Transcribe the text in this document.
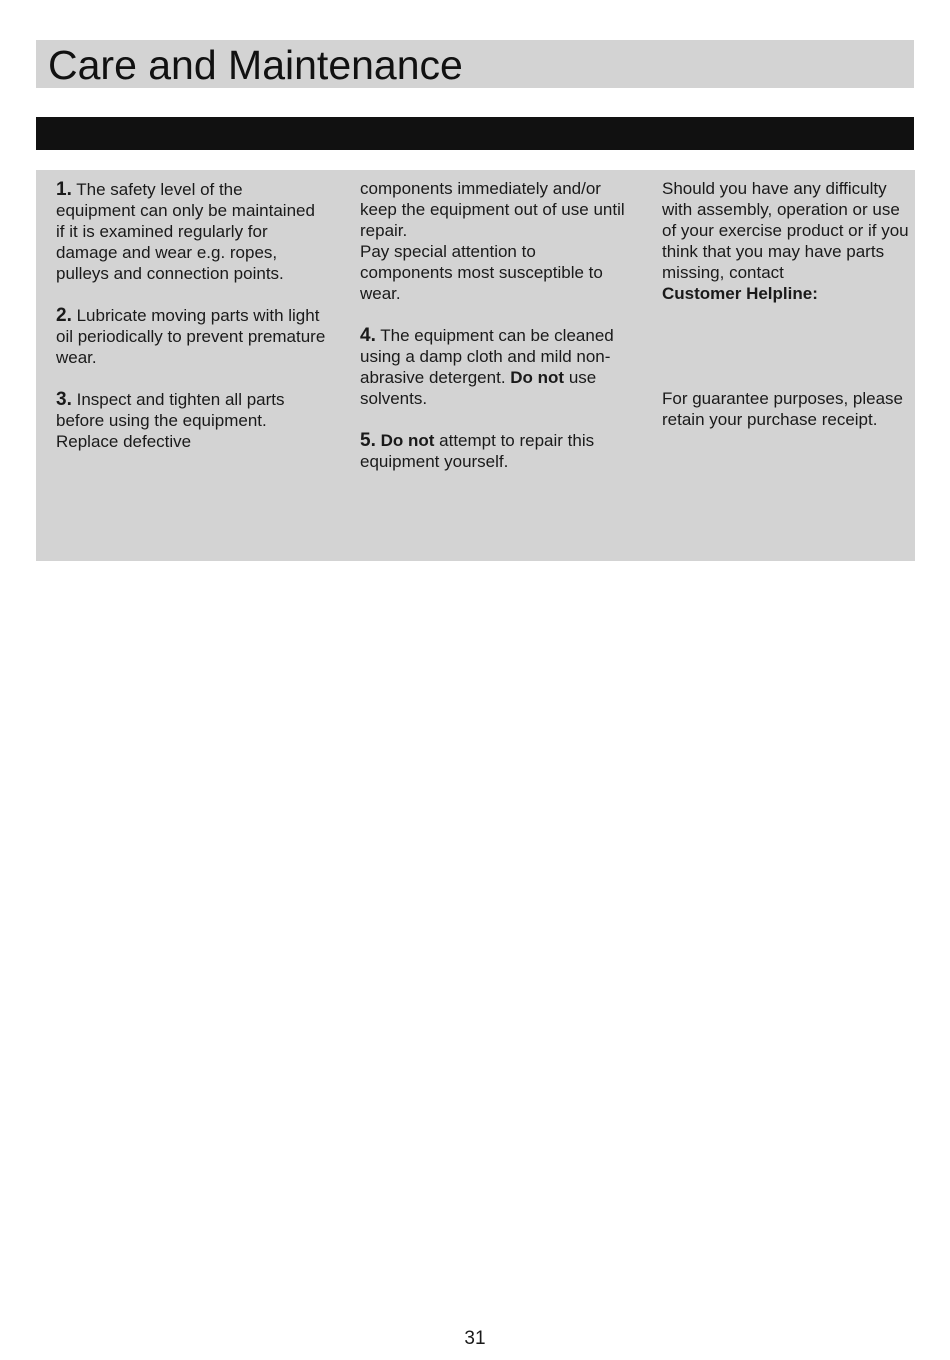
Care and Maintenance

1. The safety level of the equipment can only be maintained if it is examined regularly for damage and wear e.g. ropes, pulleys and connection points.

2. Lubricate moving parts with light oil periodically to prevent premature wear.

3. Inspect and tighten all parts before using the equipment. Replace defective

components immediately and/or keep the equipment out of use until repair.

Pay special attention to components most susceptible to wear.

4. The equipment can be cleaned using a damp cloth and mild non-abrasive detergent. Do not use solvents.

5. Do not attempt to repair this equipment yourself.

Should you have any difficulty with assembly, operation or use of your exercise product or if you think that you may have parts missing, contact

Customer Helpline:

For guarantee purposes, please retain your purchase receipt.

31
